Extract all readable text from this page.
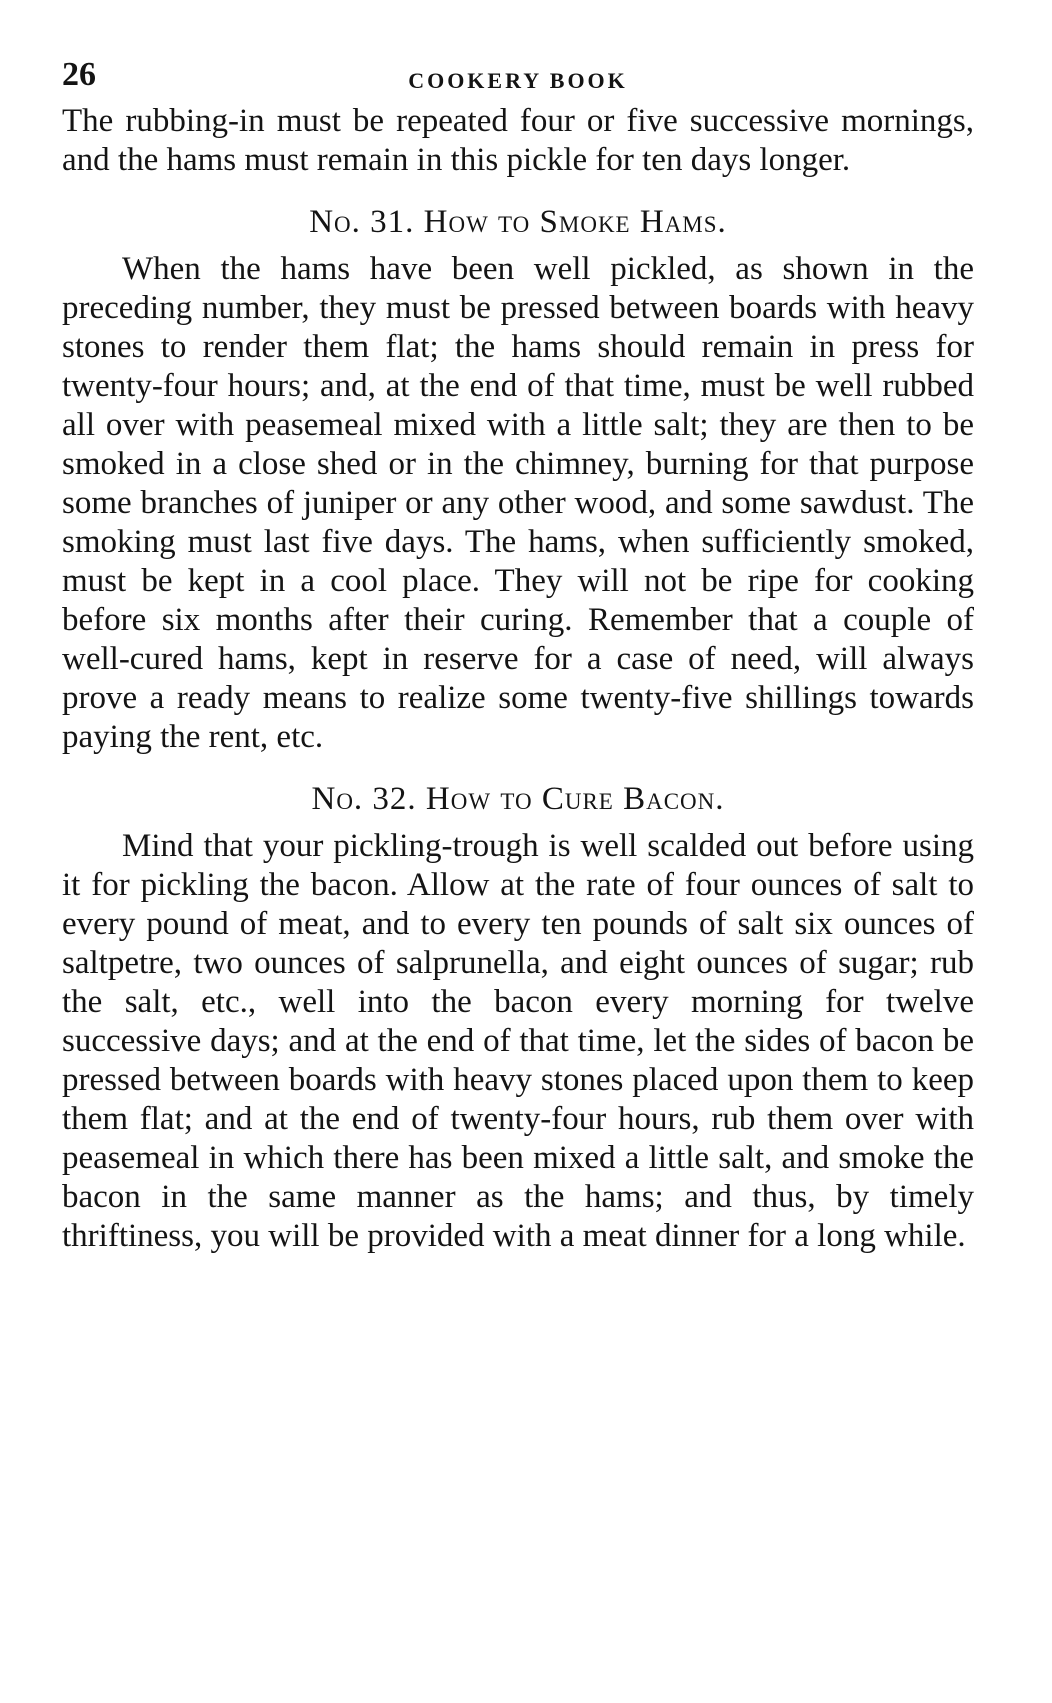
26	COOKERY BOOK

The rubbing-in must be repeated four or five successive mornings, and the hams must remain in this pickle for ten days longer.

No. 31. How to Smoke Hams.

When the hams have been well pickled, as shown in the preceding number, they must be pressed between boards with heavy stones to render them flat; the hams should remain in press for twenty-four hours; and, at the end of that time, must be well rubbed all over with peasemeal mixed with a little salt; they are then to be smoked in a close shed or in the chimney, burning for that purpose some branches of juniper or any other wood, and some sawdust. The smoking must last five days. The hams, when sufficiently smoked, must be kept in a cool place. They will not be ripe for cooking before six months after their curing. Remember that a couple of well-cured hams, kept in reserve for a case of need, will always prove a ready means to realize some twenty-five shillings towards paying the rent, etc.

No. 32. How to Cure Bacon.

Mind that your pickling-trough is well scalded out before using it for pickling the bacon. Allow at the rate of four ounces of salt to every pound of meat, and to every ten pounds of salt six ounces of saltpetre, two ounces of salprunella, and eight ounces of sugar; rub the salt, etc., well into the bacon every morning for twelve successive days; and at the end of that time, let the sides of bacon be pressed between boards with heavy stones placed upon them to keep them flat; and at the end of twenty-four hours, rub them over with peasemeal in which there has been mixed a little salt, and smoke the bacon in the same manner as the hams; and thus, by timely thriftiness, you will be provided with a meat dinner for a long while.
